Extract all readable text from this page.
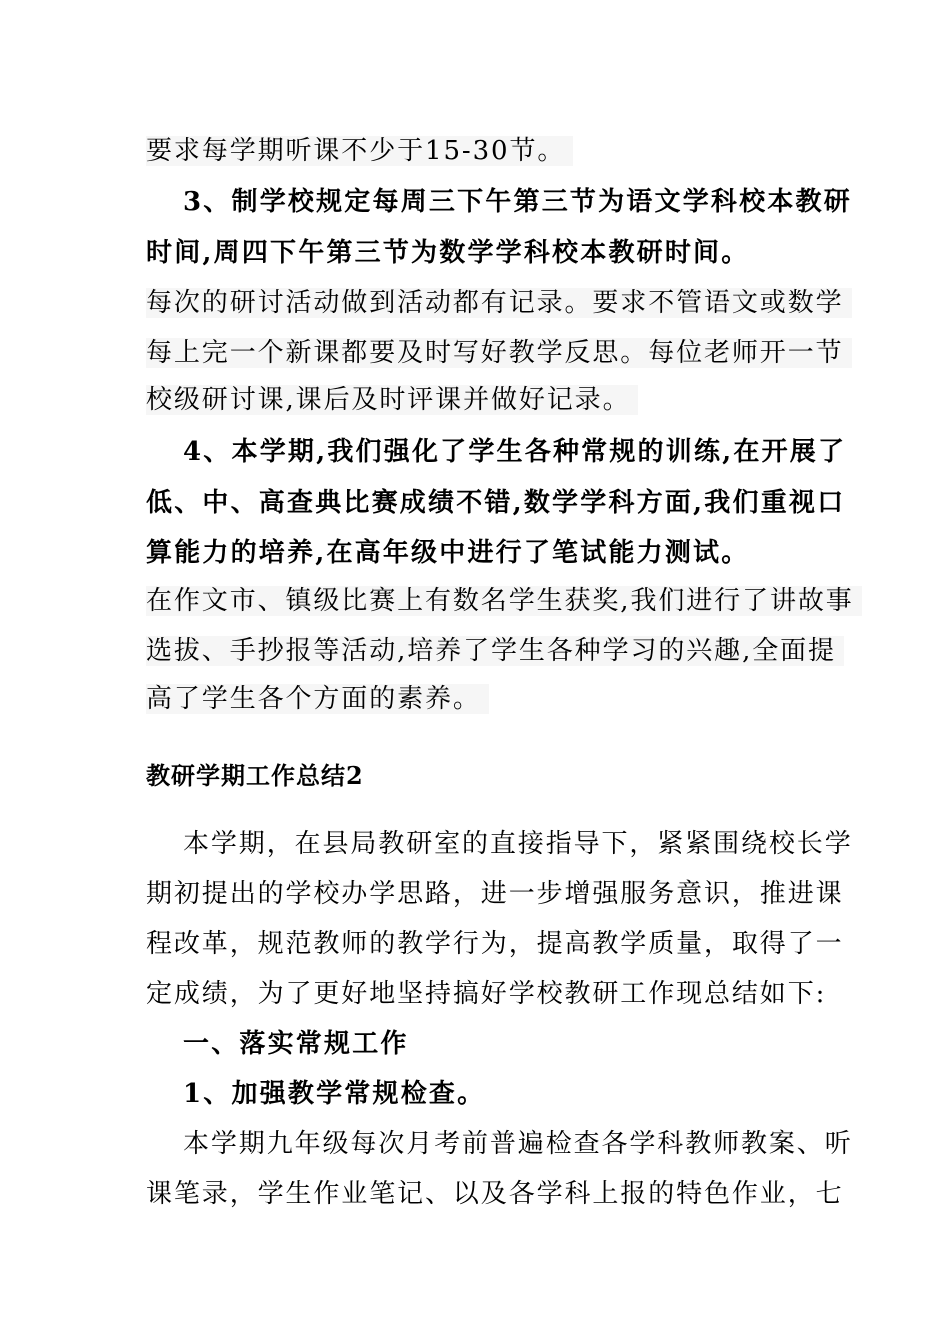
要求每学期听课不少于15-30节。
3、制学校规定每周三下午第三节为语文学科校本教研
时间,周四下午第三节为数学学科校本教研时间。
每次的研讨活动做到活动都有记录。要求不管语文或数学
每上完一个新课都要及时写好教学反思。每位老师开一节
校级研讨课,课后及时评课并做好记录。
4、本学期,我们强化了学生各种常规的训练,在开展了
低、中、高查典比赛成绩不错,数学学科方面,我们重视口
算能力的培养,在高年级中进行了笔试能力测试。
在作文市、镇级比赛上有数名学生获奖,我们进行了讲故事
选拔、手抄报等活动,培养了学生各种学习的兴趣,全面提
高了学生各个方面的素养。
教研学期工作总结2
本学期，在县局教研室的直接指导下，紧紧围绕校长学
期初提出的学校办学思路，进一步增强服务意识，推进课
程改革，规范教师的教学行为，提高教学质量，取得了一
定成绩，为了更好地坚持搞好学校教研工作现总结如下:
一、落实常规工作
1、加强教学常规检查。
本学期九年级每次月考前普遍检查各学科教师教案、听
课笔录，学生作业笔记、以及各学科上报的特色作业，七
